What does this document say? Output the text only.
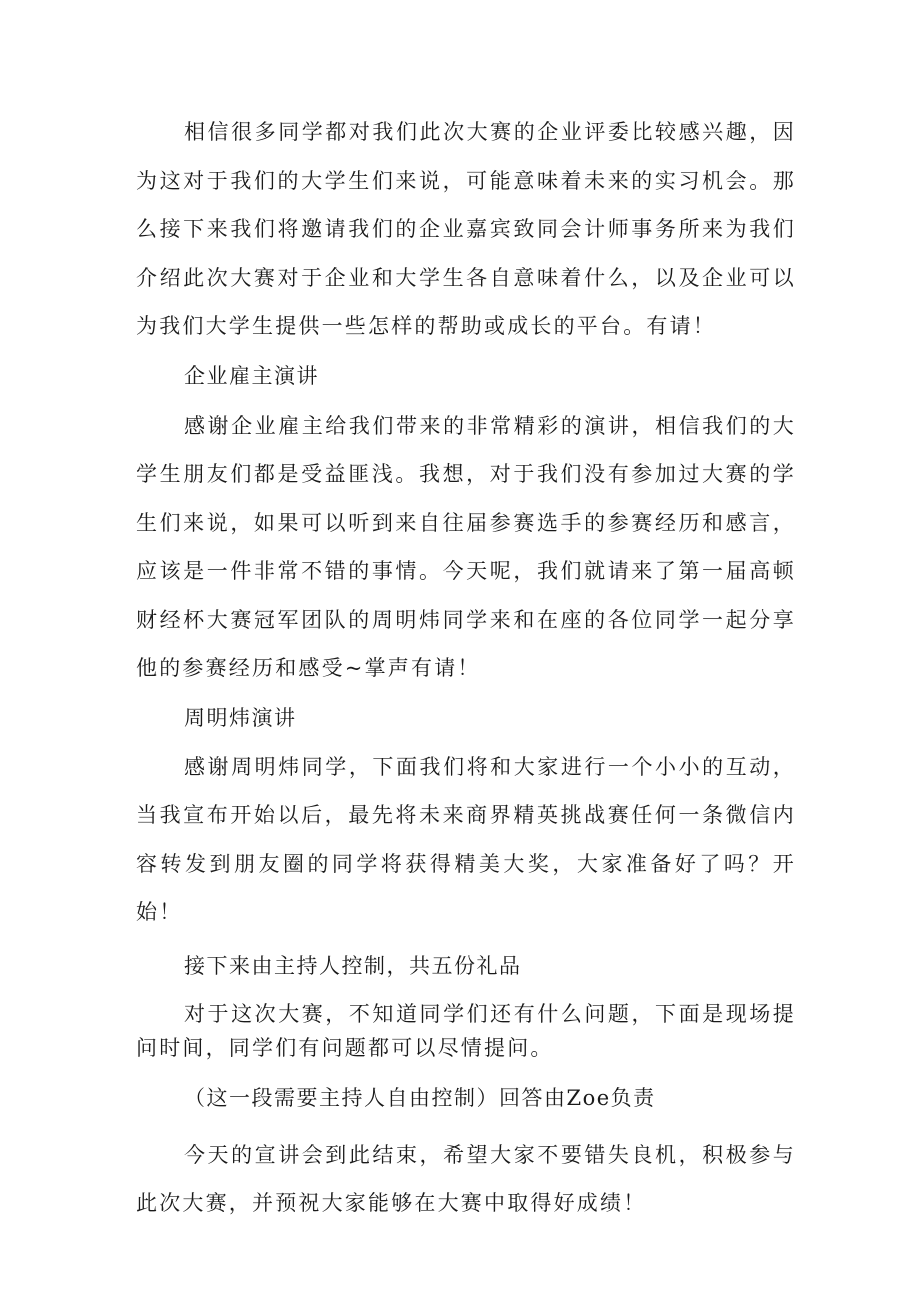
相信很多同学都对我们此次大赛的企业评委比较感兴趣，因为这对于我们的大学生们来说，可能意味着未来的实习机会。那么接下来我们将邀请我们的企业嘉宾致同会计师事务所来为我们介绍此次大赛对于企业和大学生各自意味着什么，以及企业可以为我们大学生提供一些怎样的帮助或成长的平台。有请！

企业雇主演讲

感谢企业雇主给我们带来的非常精彩的演讲，相信我们的大学生朋友们都是受益匪浅。我想，对于我们没有参加过大赛的学生们来说，如果可以听到来自往届参赛选手的参赛经历和感言，应该是一件非常不错的事情。今天呢，我们就请来了第一届高顿财经杯大赛冠军团队的周明炜同学来和在座的各位同学一起分享他的参赛经历和感受~掌声有请！

周明炜演讲

感谢周明炜同学，下面我们将和大家进行一个小小的互动，当我宣布开始以后，最先将未来商界精英挑战赛任何一条微信内容转发到朋友圈的同学将获得精美大奖，大家准备好了吗？开始！

接下来由主持人控制，共五份礼品

对于这次大赛，不知道同学们还有什么问题，下面是现场提问时间，同学们有问题都可以尽情提问。

（这一段需要主持人自由控制）回答由Zoe负责

今天的宣讲会到此结束，希望大家不要错失良机，积极参与此次大赛，并预祝大家能够在大赛中取得好成绩！
